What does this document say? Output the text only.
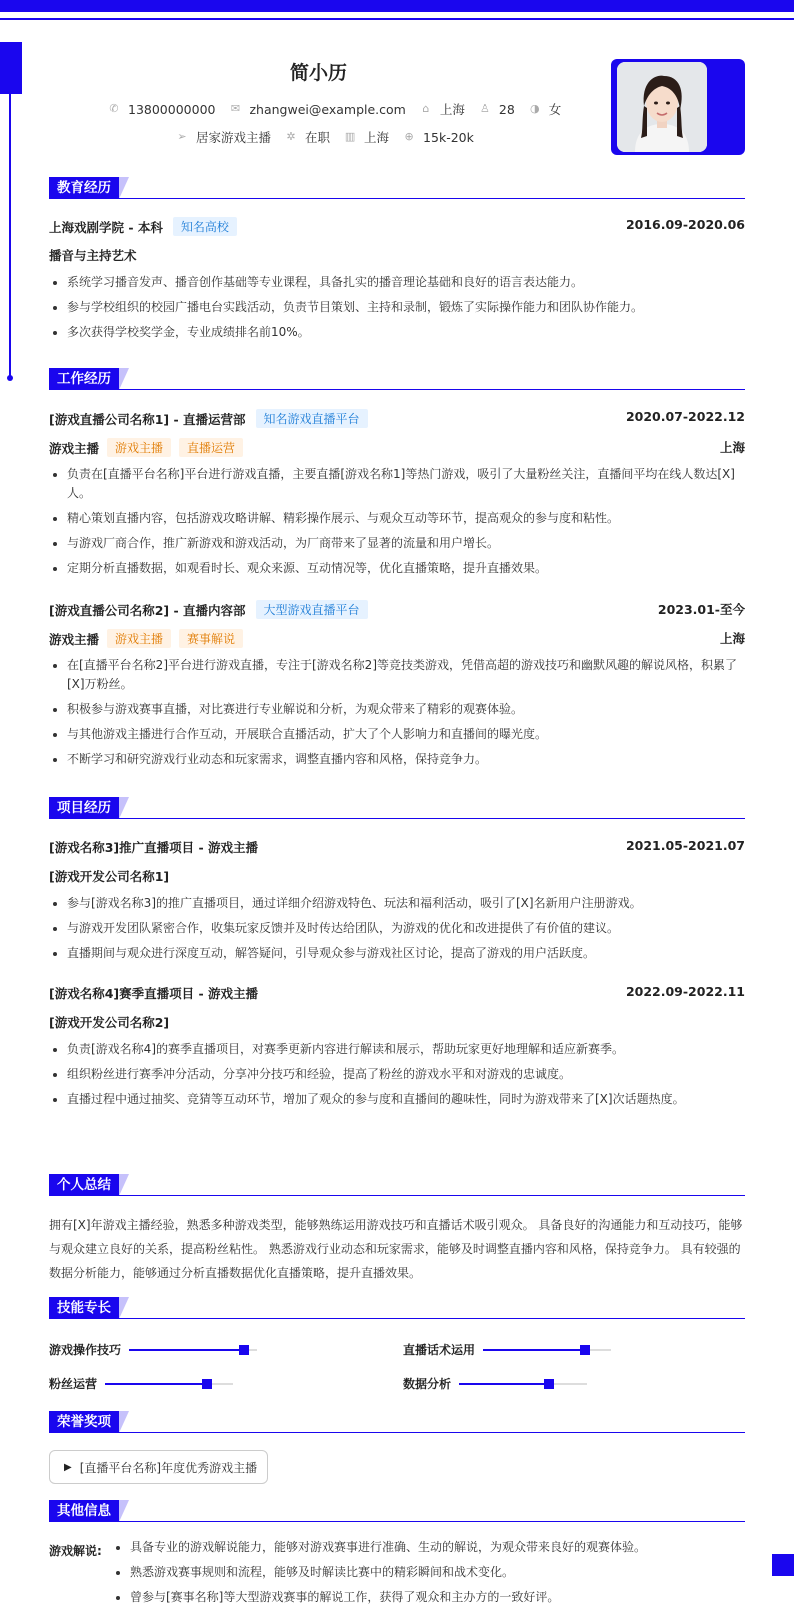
简小历
✆ 13800000000 ✉ zhangwei@example.com ⌂ 上海 ♙ 28 ◑ 女
➢ 居家游戏主播 ✲ 在职 ▥ 上海 ⊕ 15k-20k
教育经历
上海戏剧学院 - 本科	知名高校	2016.09-2020.06
播音与主持艺术
系统学习播音发声、播音创作基础等专业课程，具备扎实的播音理论基础和良好的语言表达能力。
参与学校组织的校园广播电台实践活动，负责节目策划、主持和录制，锻炼了实际操作能力和团队协作能力。
多次获得学校奖学金，专业成绩排名前10%。
工作经历
[游戏直播公司名称1] - 直播运营部	知名游戏直播平台	2020.07-2022.12
游戏主播	游戏主播	直播运营	上海
负责在[直播平台名称]平台进行游戏直播，主要直播[游戏名称1]等热门游戏，吸引了大量粉丝关注，直播间平均在线人数达[X]人。
精心策划直播内容，包括游戏攻略讲解、精彩操作展示、与观众互动等环节，提高观众的参与度和粘性。
与游戏厂商合作，推广新游戏和游戏活动，为厂商带来了显著的流量和用户增长。
定期分析直播数据，如观看时长、观众来源、互动情况等，优化直播策略，提升直播效果。
[游戏直播公司名称2] - 直播内容部	大型游戏直播平台	2023.01-至今
游戏主播	游戏主播	赛事解说	上海
在[直播平台名称2]平台进行游戏直播，专注于[游戏名称2]等竞技类游戏，凭借高超的游戏技巧和幽默风趣的解说风格，积累了[X]万粉丝。
积极参与游戏赛事直播，对比赛进行专业解说和分析，为观众带来了精彩的观赛体验。
与其他游戏主播进行合作互动，开展联合直播活动，扩大了个人影响力和直播间的曝光度。
不断学习和研究游戏行业动态和玩家需求，调整直播内容和风格，保持竞争力。
项目经历
[游戏名称3]推广直播项目 - 游戏主播	2021.05-2021.07
[游戏开发公司名称1]
参与[游戏名称3]的推广直播项目，通过详细介绍游戏特色、玩法和福利活动，吸引了[X]名新用户注册游戏。
与游戏开发团队紧密合作，收集玩家反馈并及时传达给团队，为游戏的优化和改进提供了有价值的建议。
直播期间与观众进行深度互动，解答疑问，引导观众参与游戏社区讨论，提高了游戏的用户活跃度。
[游戏名称4]赛季直播项目 - 游戏主播	2022.09-2022.11
[游戏开发公司名称2]
负责[游戏名称4]的赛季直播项目，对赛季更新内容进行解读和展示，帮助玩家更好地理解和适应新赛季。
组织粉丝进行赛季冲分活动，分享冲分技巧和经验，提高了粉丝的游戏水平和对游戏的忠诚度。
直播过程中通过抽奖、竞猜等互动环节，增加了观众的参与度和直播间的趣味性，同时为游戏带来了[X]次话题热度。
个人总结
拥有[X]年游戏主播经验，熟悉多种游戏类型，能够熟练运用游戏技巧和直播话术吸引观众。 具备良好的沟通能力和互动技巧，能够与观众建立良好的关系，提高粉丝粘性。 熟悉游戏行业动态和玩家需求，能够及时调整直播内容和风格，保持竞争力。 具有较强的数据分析能力，能够通过分析直播数据优化直播策略，提升直播效果。
技能专长
游戏操作技巧	直播话术运用
粉丝运营	数据分析
荣誉奖项
▶ [直播平台名称]年度优秀游戏主播
其他信息
游戏解说:	具备专业的游戏解说能力，能够对游戏赛事进行准确、生动的解说，为观众带来良好的观赛体验。
熟悉游戏赛事规则和流程，能够及时解读比赛中的精彩瞬间和战术变化。
曾参与[赛事名称]等大型游戏赛事的解说工作，获得了观众和主办方的一致好评。
